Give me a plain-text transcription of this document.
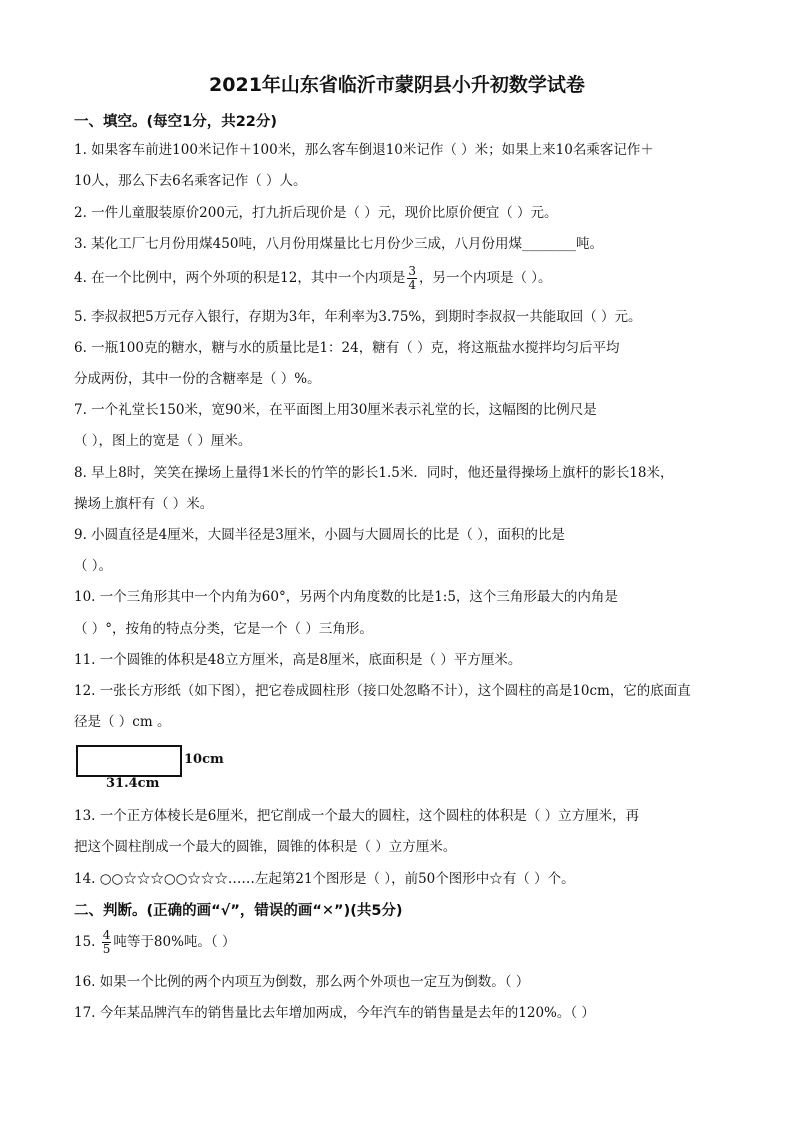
2021年山东省临沂市蒙阴县小升初数学试卷
一、填空。(每空1分，共22分)
1. 如果客车前进100米记作＋100米，那么客车倒退10米记作（ ）米；如果上来10名乘客记作＋
10人，那么下去6名乘客记作（ ）人。
2. 一件儿童服装原价200元，打九折后现价是（ ）元，现价比原价便宜（ ）元。
3. 某化工厂七月份用煤450吨，八月份用煤量比七月份少三成，八月份用煤________吨。
4. 在一个比例中，两个外项的积是12，其中一个内项是 $\frac{3}{4}$ ，另一个内项是（ ）。
5. 李叔叔把5万元存入银行，存期为3年，年利率为3.75%，到期时李叔叔一共能取回（ ）元。
6. 一瓶100克的糖水，糖与水的质量比是1：24，糖有（ ）克，将这瓶盐水搅拌均匀后平均
分成两份，其中一份的含糖率是（ ）%。
7. 一个礼堂长150米，宽90米，在平面图上用30厘米表示礼堂的长，这幅图的比例尺是
（ ），图上的宽是（ ）厘米。
8. 早上8时，笑笑在操场上量得1米长的竹竿的影长1.5米．同时，他还量得操场上旗杆的影长18米，
操场上旗杆有（ ）米。
9. 小圆直径是4厘米，大圆半径是3厘米，小圆与大圆周长的比是（ ），面积的比是
（ ）。
10. 一个三角形其中一个内角为60°，另两个内角度数的比是1:5，这个三角形最大的内角是
（ ）°，按角的特点分类，它是一个（ ）三角形。
11. 一个圆锥的体积是48立方厘米，高是8厘米，底面积是（ ）平方厘米。
12. 一张长方形纸（如下图），把它卷成圆柱形（接口处忽略不计），这个圆柱的高是10cm，它的底面直
径是（ ）cm 。
10cm
31.4cm
13. 一个正方体棱长是6厘米，把它削成一个最大的圆柱，这个圆柱的体积是（ ）立方厘米，再
把这个圆柱削成一个最大的圆锥，圆锥的体积是（ ）立方厘米。
14. ○○☆☆☆○○☆☆☆……左起第21个图形是（ ），前50个图形中☆有（ ）个。
二、判断。(正确的画“√”，错误的画“✕”)(共5分)
15. $\frac{4}{5}$ 吨等于80%吨。（ ）
16. 如果一个比例的两个内项互为倒数，那么两个外项也一定互为倒数。（ ）
17. 今年某品牌汽车的销售量比去年增加两成，今年汽车的销售量是去年的120%。（ ）
